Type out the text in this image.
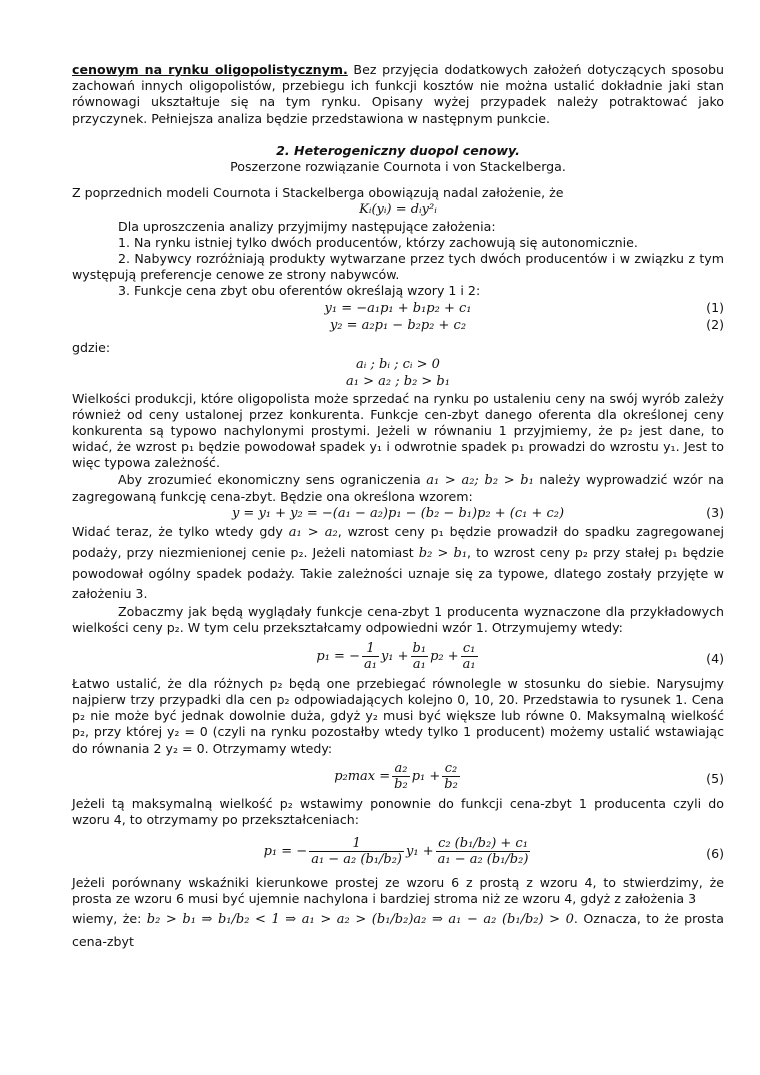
cenowym na rynku oligopolistycznym. Bez przyjęcia dodatkowych założeń dotyczących sposobu zachowań innych oligopolistów, przebiegu ich funkcji kosztów nie można ustalić dokładnie jaki stan równowagi ukształtuje się na tym rynku. Opisany wyżej przypadek należy potraktować jako przyczynek. Pełniejsza analiza będzie przedstawiona w następnym punkcie.

2. Heterogeniczny duopol cenowy.

Poszerzone rozwiązanie Cournota i von Stackelberga.

Z poprzednich modeli Cournota i Stackelberga obowiązują nadal założenie, że

Kᵢ(yᵢ) = dᵢy²ᵢ

Dla uproszczenia analizy przyjmijmy następujące założenia:

1. Na rynku istniej tylko dwóch producentów, którzy zachowują się autonomicznie.

2. Nabywcy rozróżniają produkty wytwarzane przez tych dwóch producentów i w związku z tym występują preferencje cenowe ze strony nabywców.

3. Funkcje cena zbyt obu oferentów określają wzory 1 i 2:

y₁ = −a₁p₁ + b₁p₂ + c₁	(1)
y₂ = a₂p₁ − b₂p₂ + c₂	(2)

gdzie:

aᵢ ; bᵢ ; cᵢ > 0
a₁ > a₂ ; b₂ > b₁

Wielkości produkcji, które oligopolista może sprzedać na rynku po ustaleniu ceny na swój wyrób zależy również od ceny ustalonej przez konkurenta. Funkcje cen-zbyt danego oferenta dla określonej ceny konkurenta są typowo nachylonymi prostymi. Jeżeli w równaniu 1 przyjmiemy, że p₂ jest dane, to widać, że wzrost p₁ będzie powodował spadek y₁ i odwrotnie spadek p₁ prowadzi do wzrostu y₁. Jest to więc typowa zależność.

Aby zrozumieć ekonomiczny sens ograniczenia a₁ > a₂; b₂ > b₁ należy wyprowadzić wzór na zagregowaną funkcję cena-zbyt. Będzie ona określona wzorem:

y = y₁ + y₂ = −(a₁ − a₂)p₁ − (b₂ − b₁)p₂ + (c₁ + c₂)	(3)

Widać teraz, że tylko wtedy gdy a₁ > a₂, wzrost ceny p₁ będzie prowadził do spadku zagregowanej podaży, przy niezmienionej cenie p₂. Jeżeli natomiast b₂ > b₁, to wzrost ceny p₂ przy stałej p₁ będzie powodował ogólny spadek podaży. Takie zależności uznaje się za typowe, dlatego zostały przyjęte w założeniu 3.

Zobaczmy jak będą wyglądały funkcje cena-zbyt 1 producenta wyznaczone dla przykładowych wielkości ceny p₂. W tym celu przekształcamy odpowiedni wzór 1. Otrzymujemy wtedy:

p₁ = − $\frac{1}{\text{a₁}} y_1 + \frac{\text{b₁}}{\text{a₁}} p_2 + \frac{\text{c₁}}{\text{a₁}}$	(4)

Łatwo ustalić, że dla różnych p₂ będą one przebiegać równolegle w stosunku do siebie. Narysujmy najpierw trzy przypadki dla cen p₂ odpowiadających kolejno 0, 10, 20. Przedstawia to rysunek 1. Cena p₂ nie może być jednak dowolnie duża, gdyż y₂ musi być większe lub równe 0. Maksymalną wielkość p₂, przy której y₂ = 0 (czyli na rynku pozostałby wtedy tylko 1 producent) możemy ustalić wstawiając do równania 2 y₂ = 0. Otrzymamy wtedy:

$p_2\max = \frac{\text{a₂}}{\text{b₂}} p_1 + \frac{\text{c₂}}{\text{b₂}}$	(5)

Jeżeli tą maksymalną wielkość p₂ wstawimy ponownie do funkcji cena-zbyt 1 producenta czyli do wzoru 4, to otrzymamy po przekształceniach:

p₁ = − $\frac{1}{\text{a₁ − a₂ (b₁/b₂)}} y_1 + \frac{\text{c₂ (b₁/b₂) + c₁}}{\text{a₁ − a₂ (b₁/b₂)}}$	(6)

Jeżeli porównany wskaźniki kierunkowe prostej ze wzoru 6 z prostą z wzoru 4, to stwierdzimy, że prosta ze wzoru 6 musi być ujemnie nachylona i bardziej stroma niż ze wzoru 4, gdyż z założenia 3

wiemy, że: b₂ > b₁ ⇒ b₁/b₂ < 1 ⇒ a₁ > a₂ > (b₁/b₂)a₂ ⇒ a₁ − a₂ (b₁/b₂) > 0. Oznacza, to że prosta cena-zbyt
